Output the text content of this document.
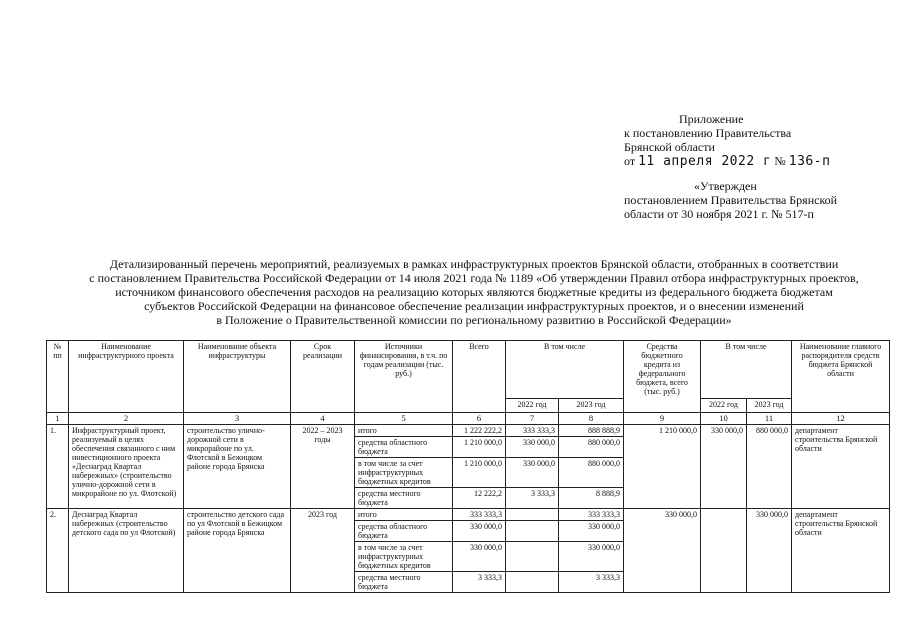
Приложение
к постановлению Правительства
Брянской области
от 11 апреля 2022 г № 136-п
«Утвержден
постановлением Правительства Брянской
области от 30 ноября 2021 г. № 517-п
Детализированный перечень мероприятий, реализуемых в рамках инфраструктурных проектов Брянской области, отобранных в соответствии
с постановлением Правительства Российской Федерации от 14 июля 2021 года № 1189 «Об утверждении Правил отбора инфраструктурных проектов,
источником финансового обеспечения расходов на реализацию которых являются бюджетные кредиты из федерального бюджета бюджетам
субъектов Российской Федерации на финансовое обеспечение реализации инфраструктурных проектов, и о внесении изменений
в Положение о Правительственной комиссии по региональному развитию в Российской Федерации»
№ пп	Наименование инфраструктурного проекта	Наименование объекта инфраструктуры	Срок реализации	Источники финансирования, в т.ч. по годам реализации (тыс. руб.)	Всего	В том числе		Средства бюджетного кредита из федерального бюджета, всего (тыс. руб.)	В том числе		Наименование главного распорядителя средств бюджета Брянской области
						2022 год	2023 год		2022 год	2023 год	
1	2	3	4	5	6	7	8	9	10	11	12
1.	Инфраструктурный проект, реализуемый в целях обеспечения связанного с ним инвестиционного проекта «Деснаград Квартал набережных» (строительство улично-дорожной сети в микрорайоне по ул. Флотской)	строительство улично-дорожной сети в микрорайоне по ул. Флотской в Бежицком районе города Брянска	2022 – 2023 годы	итого	1 222 222,2	333 333,3	888 888,9	1 210 000,0	330 000,0	880 000,0	департамент строительства Брянской области
				средства областного бюджета	1 210 000,0	330 000,0	880 000,0				
				в том числе за счет инфраструктурных бюджетных кредитов	1 210 000,0	330 000,0	880 000,0				
				средства местного бюджета	12 222,2	3 333,3	8 888,9				
2.	Деснаград Квартал набережных (строительство детского сада по ул Флотской)	строительство детского сада по ул Флотской в Бежицком районе города Брянска	2023 год	итого	333 333,3		333 333,3	330 000,0		330 000,0	департамент строительства Брянской области
				средства областного бюджета	330 000,0		330 000,0				
				в том числе за счет инфраструктурных бюджетных кредитов	330 000,0		330 000,0				
				средства местного бюджета	3 333,3		3 333,3				
